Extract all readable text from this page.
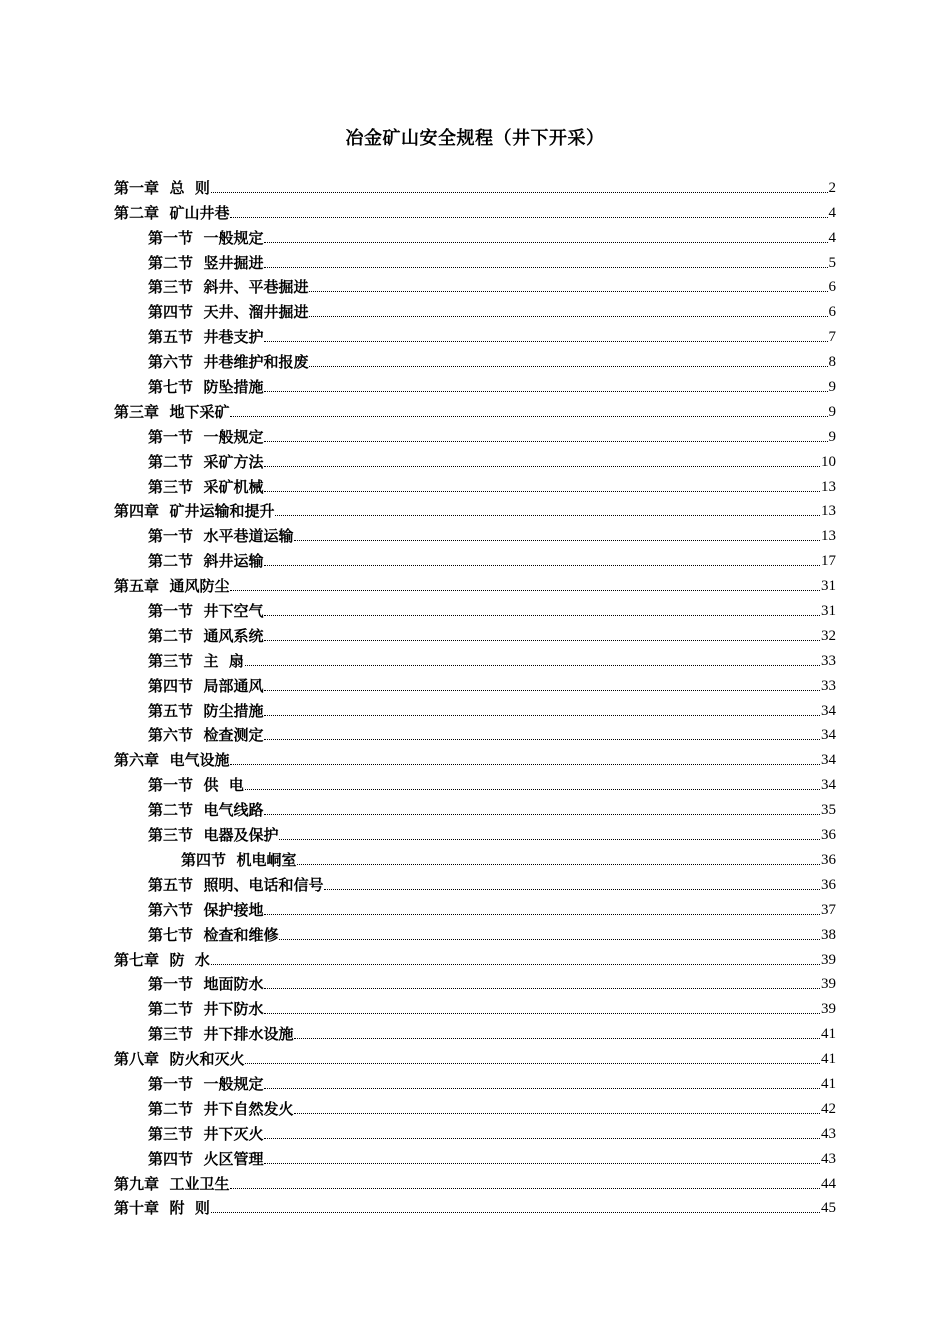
冶金矿山安全规程（井下开采）
第一章  总  则	2
第二章  矿山井巷	4
第一节  一般规定	4
第二节  竖井掘进	5
第三节  斜井、平巷掘进	6
第四节  天井、溜井掘进	6
第五节  井巷支护	7
第六节  井巷维护和报废	8
第七节  防坠措施	9
第三章  地下采矿	9
第一节  一般规定	9
第二节  采矿方法	10
第三节  采矿机械	13
第四章  矿井运输和提升	13
第一节  水平巷道运输	13
第二节  斜井运输	17
第五章  通风防尘	31
第一节  井下空气	31
第二节  通风系统	32
第三节  主  扇	33
第四节  局部通风	33
第五节  防尘措施	34
第六节  检查测定	34
第六章  电气设施	34
第一节  供  电	34
第二节  电气线路	35
第三节  电器及保护	36
第四节  机电峒室	36
第五节  照明、电话和信号	36
第六节  保护接地	37
第七节  检查和维修	38
第七章  防  水	39
第一节  地面防水	39
第二节  井下防水	39
第三节  井下排水设施	41
第八章  防火和灭火	41
第一节  一般规定	41
第二节  井下自然发火	42
第三节  井下灭火	43
第四节  火区管理	43
第九章  工业卫生	44
第十章  附  则	45
